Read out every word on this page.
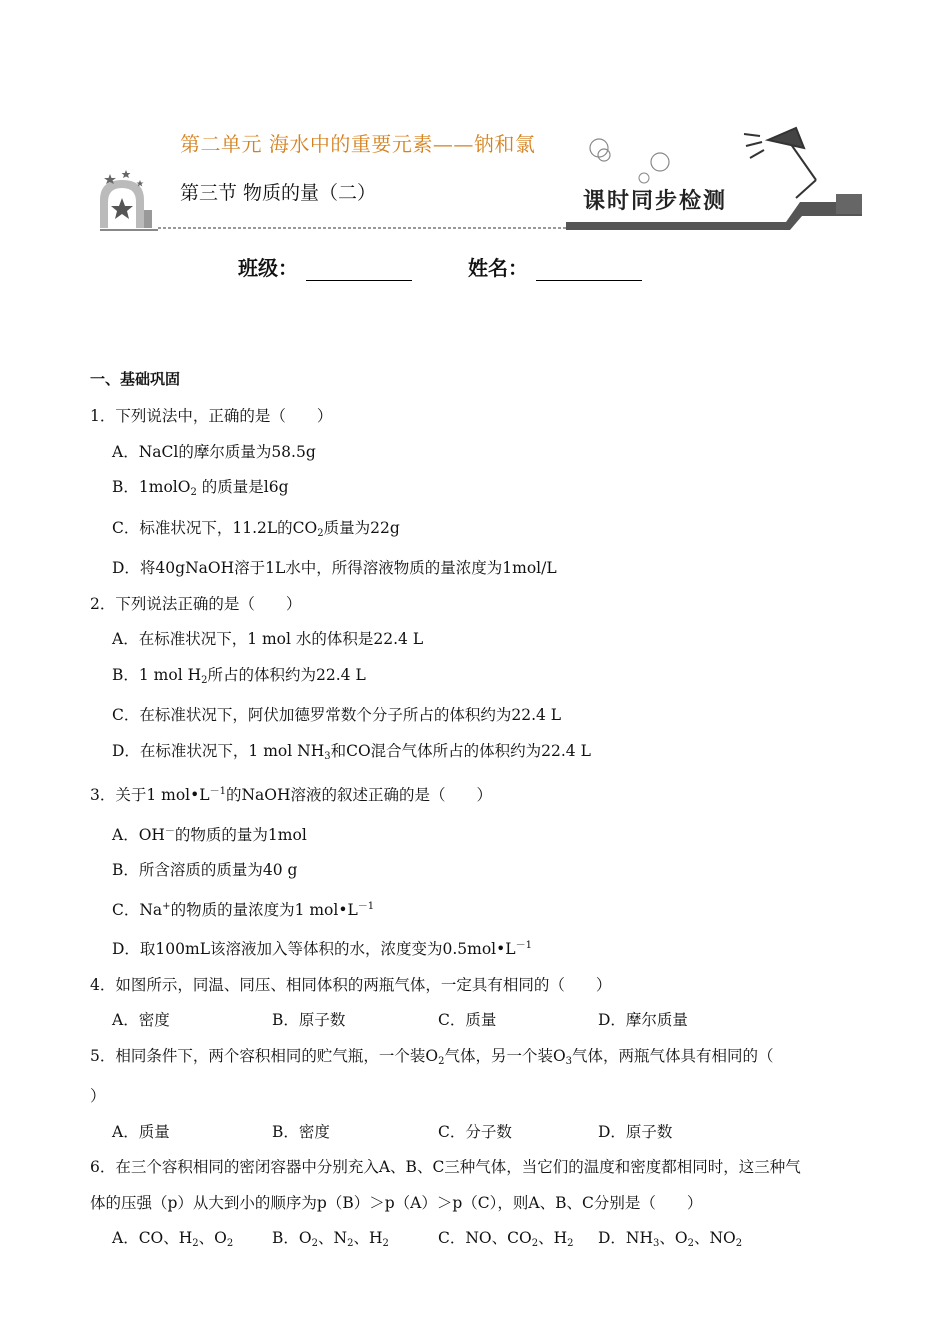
第二单元 海水中的重要元素——钠和氯
第三节 物质的量（二）	课时同步检测
班级：	姓名：
一、基础巩固
1．下列说法中，正确的是（　　）
A．NaCl的摩尔质量为58.5g
B．1molO$_2$ 的质量是l6g
C．标准状况下，11.2L的$CO_2$质量为22g
D．将40gNaOH溶于1L水中，所得溶液物质的量浓度为1mol/L
2．下列说法正确的是（　　）
A．在标准状况下，1 mol 水的体积是22.4 L
B．1 mol $H_2$所占的体积约为22.4 L
C．在标准状况下，阿伏加德罗常数个分子所占的体积约为22.4 L
D．在标准状况下，1 mol $NH_3$和CO混合气体所占的体积约为22.4 L
3．关于1 $mol•L^{-1}$的NaOH溶液的叙述正确的是（　　）
A．OH－的物质的量为1mol
B．所含溶质的质量为40 g
C．Na+的物质的量浓度为1 $mol•L^{-1}$
D．取100mL该溶液加入等体积的水，浓度变为$0.5mol•L^{-1}$
4．如图所示，同温、同压、相同体积的两瓶气体，一定具有相同的（　　）
A．密度	B．原子数	C．质量	D．摩尔质量
5．相同条件下，两个容积相同的贮气瓶，一个装$O_2$气体，另一个装$O_3$气体，两瓶气体具有相同的（
）
A．质量	B．密度	C．分子数	D．原子数
6．在三个容积相同的密闭容器中分别充入A、B、C三种气体，当它们的温度和密度都相同时，这三种气
体的压强（p）从大到小的顺序为p（B）＞p（A）＞p（C），则A、B、C分别是（　　）
A．CO、$H_2$、$O_2$	B．$O_2$、$N_2$、$H_2$	C．NO、$CO_2$、$H_2$	D．$NH_3$、$O_2$、$NO_2$
